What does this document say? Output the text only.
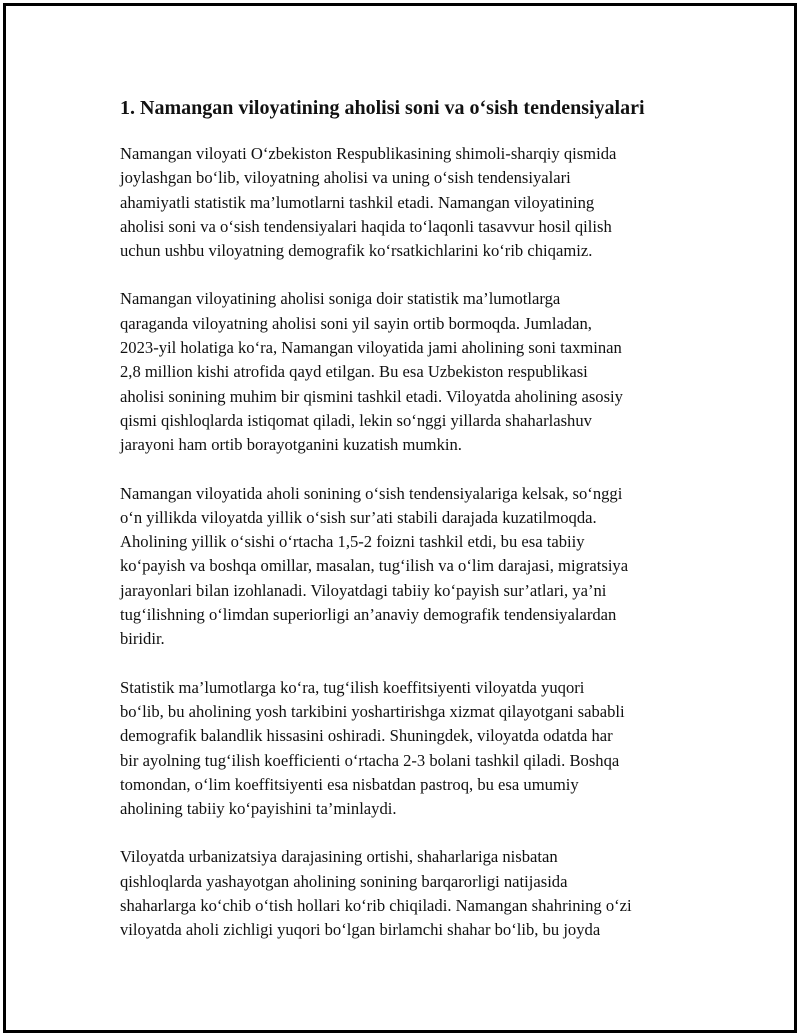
1. Namangan viloyatining aholisi soni va o‘sish tendensiyalari

Namangan viloyati O‘zbekiston Respublikasining shimoli-sharqiy qismida
joylashgan bo‘lib, viloyatning aholisi va uning o‘sish tendensiyalari
ahamiyatli statistik ma’lumotlarni tashkil etadi. Namangan viloyatining
aholisi soni va o‘sish tendensiyalari haqida to‘laqonli tasavvur hosil qilish
uchun ushbu viloyatning demografik ko‘rsatkichlarini ko‘rib chiqamiz.

Namangan viloyatining aholisi soniga doir statistik ma’lumotlarga
qaraganda viloyatning aholisi soni yil sayin ortib bormoqda. Jumladan,
2023-yil holatiga ko‘ra, Namangan viloyatida jami aholining soni taxminan
2,8 million kishi atrofida qayd etilgan. Bu esa Uzbekiston respublikasi
aholisi sonining muhim bir qismini tashkil etadi. Viloyatda aholining asosiy
qismi qishloqlarda istiqomat qiladi, lekin so‘nggi yillarda shaharlashuv
jarayoni ham ortib borayotganini kuzatish mumkin.

Namangan viloyatida aholi sonining o‘sish tendensiyalariga kelsak, so‘nggi
o‘n yillikda viloyatda yillik o‘sish sur’ati stabili darajada kuzatilmoqda.
Aholining yillik o‘sishi o‘rtacha 1,5-2 foizni tashkil etdi, bu esa tabiiy
ko‘payish va boshqa omillar, masalan, tug‘ilish va o‘lim darajasi, migratsiya
jarayonlari bilan izohlanadi. Viloyatdagi tabiiy ko‘payish sur’atlari, ya’ni
tug‘ilishning o‘limdan superiorligi an’anaviy demografik tendensiyalardan
biridir.

Statistik ma’lumotlarga ko‘ra, tug‘ilish koeffitsiyenti viloyatda yuqori
bo‘lib, bu aholining yosh tarkibini yoshartirishga xizmat qilayotgani sababli
demografik balandlik hissasini oshiradi. Shuningdek, viloyatda odatda har
bir ayolning tug‘ilish koefficienti o‘rtacha 2-3 bolani tashkil qiladi. Boshqa
tomondan, o‘lim koeffitsiyenti esa nisbatdan pastroq, bu esa umumiy
aholining tabiiy ko‘payishini ta’minlaydi.

Viloyatda urbanizatsiya darajasining ortishi, shaharlariga nisbatan
qishloqlarda yashayotgan aholining sonining barqarorligi natijasida
shaharlarga ko‘chib o‘tish hollari ko‘rib chiqiladi. Namangan shahrining o‘zi
viloyatda aholi zichligi yuqori bo‘lgan birlamchi shahar bo‘lib, bu joyda
